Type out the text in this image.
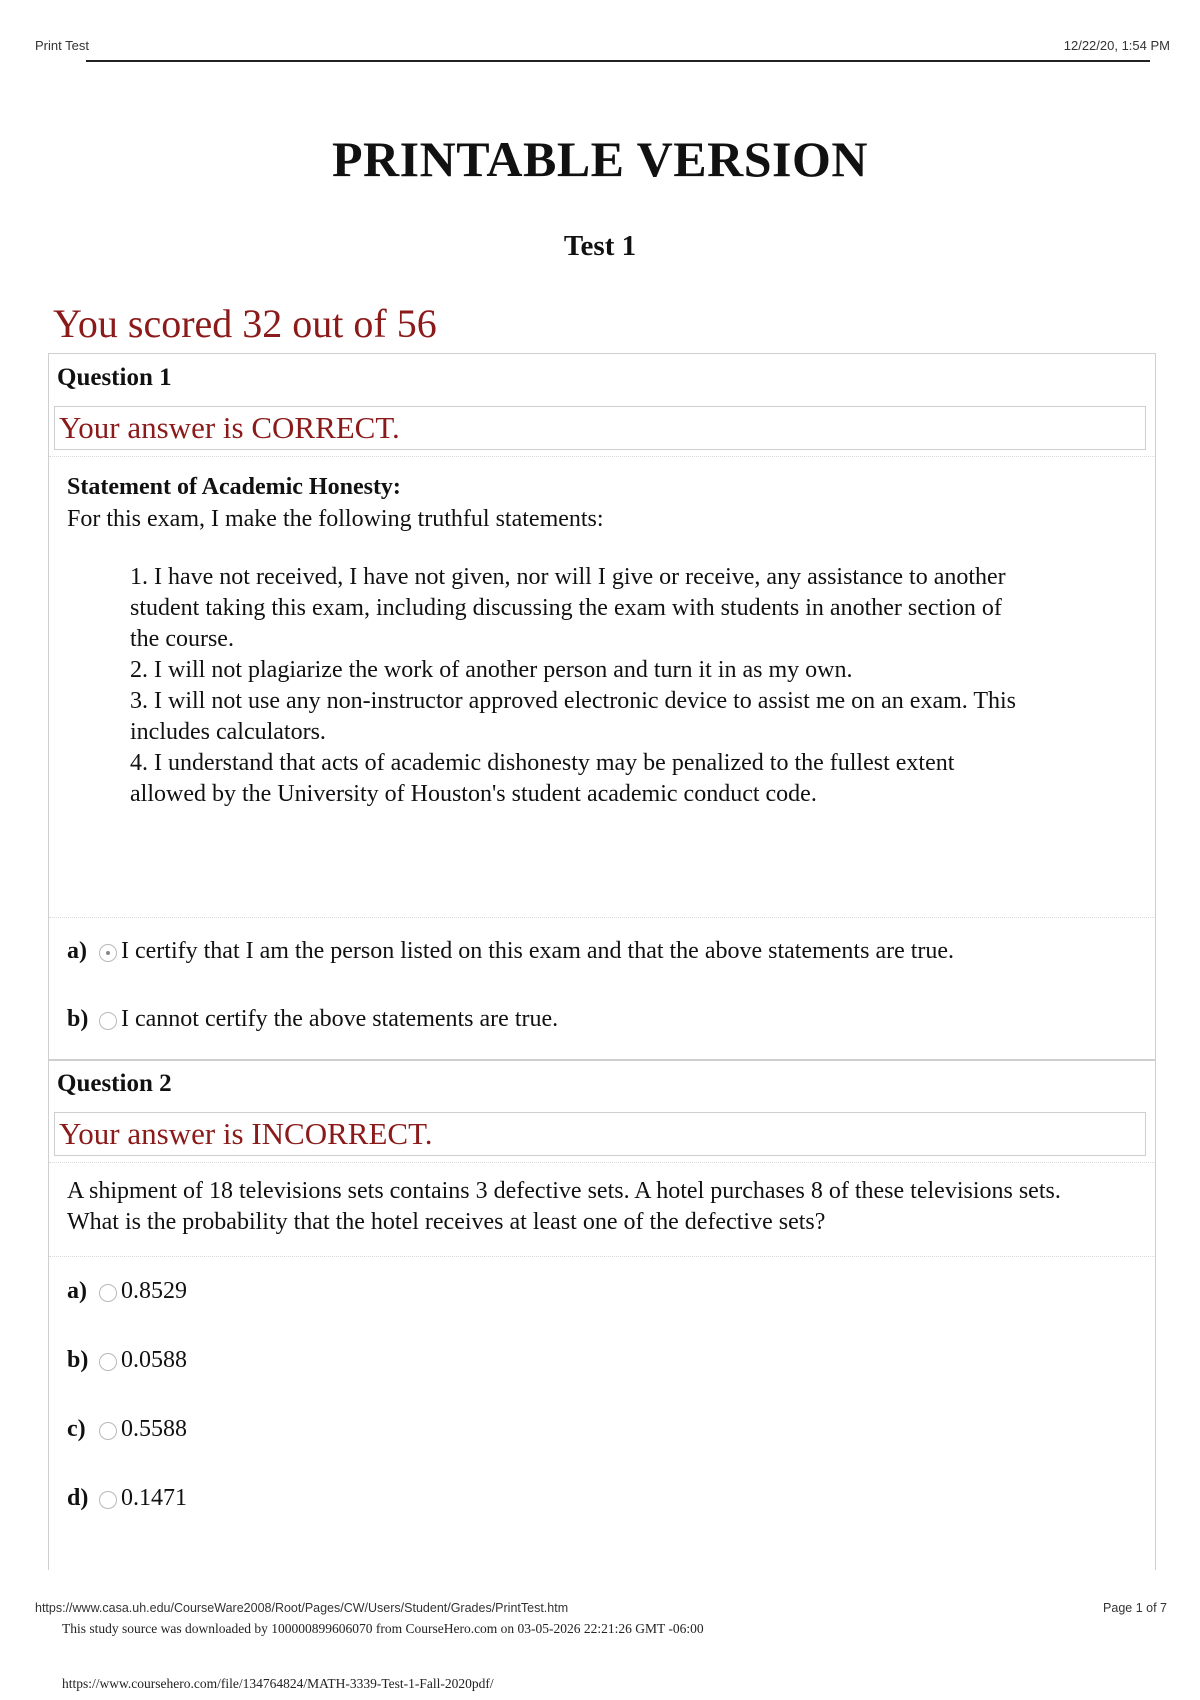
Print Test	12/22/20, 1:54 PM
PRINTABLE VERSION
Test 1
You scored 32 out of 56
Question 1
Your answer is CORRECT.
Statement of Academic Honesty:
For this exam, I make the following truthful statements:
1. I have not received, I have not given, nor will I give or receive, any assistance to another
student taking this exam, including discussing the exam with students in another section of
the course.
2. I will not plagiarize the work of another person and turn it in as my own.
3. I will not use any non-instructor approved electronic device to assist me on an exam. This
includes calculators.
4. I understand that acts of academic dishonesty may be penalized to the fullest extent
allowed by the University of Houston's student academic conduct code.
a) I certify that I am the person listed on this exam and that the above statements are true.
b) I cannot certify the above statements are true.
Question 2
Your answer is INCORRECT.
A shipment of 18 televisions sets contains 3 defective sets. A hotel purchases 8 of these televisions sets.
What is the probability that the hotel receives at least one of the defective sets?
a) 0.8529
b) 0.0588
c) 0.5588
d) 0.1471
https://www.casa.uh.edu/CourseWare2008/Root/Pages/CW/Users/Student/Grades/PrintTest.htm	Page 1 of 7
This study source was downloaded by 100000899606070 from CourseHero.com on 03-05-2026 22:21:26 GMT -06:00
https://www.coursehero.com/file/134764824/MATH-3339-Test-1-Fall-2020pdf/
